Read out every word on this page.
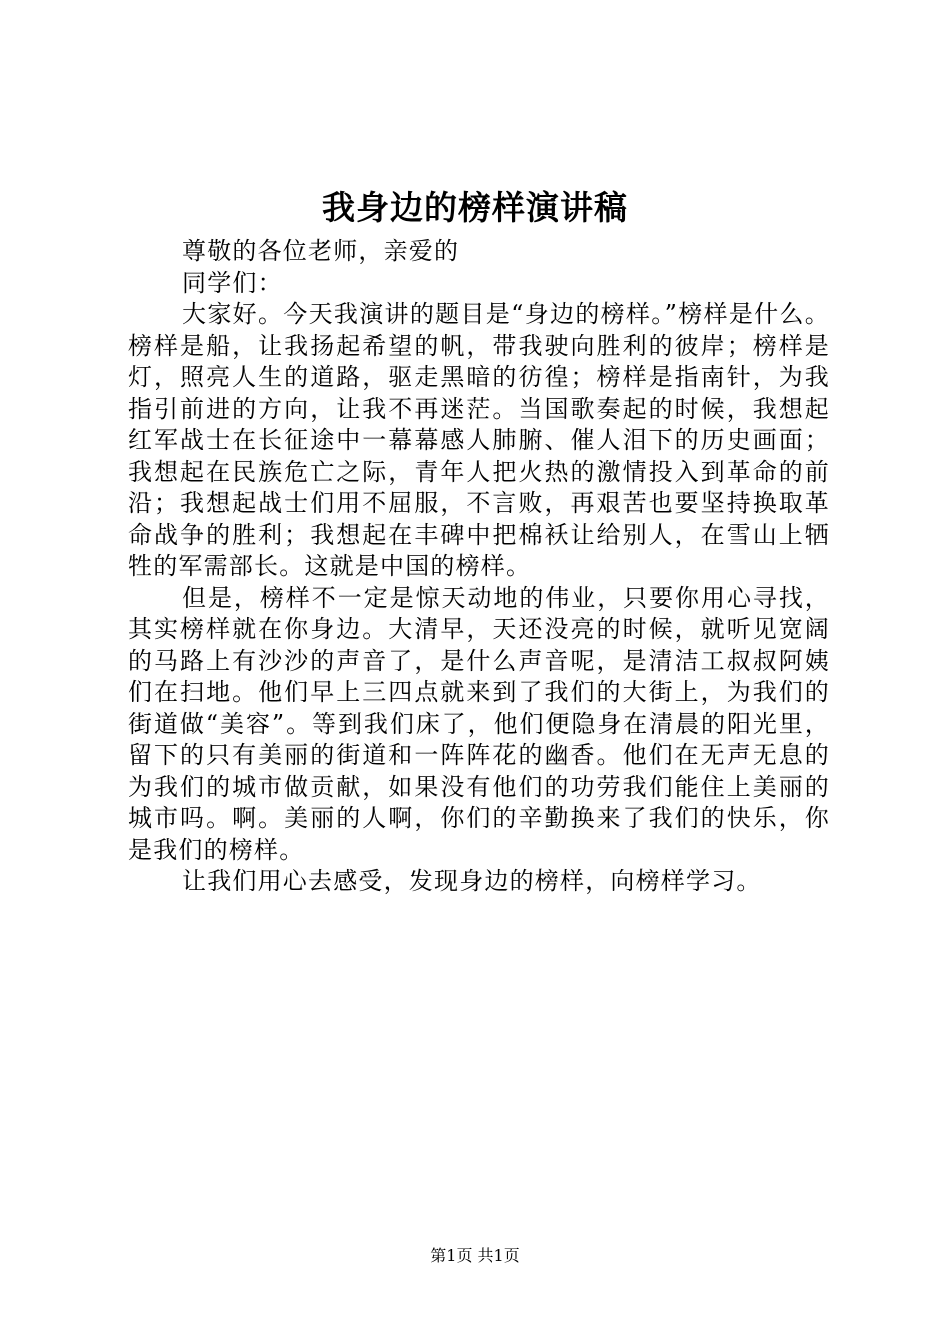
我身边的榜样演讲稿
尊敬的各位老师，亲爱的
同学们：
大家好。今天我演讲的题目是“身边的榜样。”榜样是什么。榜样是船，让我扬起希望的帆，带我驶向胜利的彼岸；榜样是灯，照亮人生的道路，驱走黑暗的彷徨；榜样是指南针，为我指引前进的方向，让我不再迷茫。当国歌奏起的时候，我想起红军战士在长征途中一幕幕感人肺腑、催人泪下的历史画面；我想起在民族危亡之际，青年人把火热的激情投入到革命的前沿；我想起战士们用不屈服，不言败，再艰苦也要坚持换取革命战争的胜利；我想起在丰碑中把棉袄让给别人，在雪山上牺牲的军需部长。这就是中国的榜样。
但是，榜样不一定是惊天动地的伟业，只要你用心寻找，其实榜样就在你身边。大清早，天还没亮的时候，就听见宽阔的马路上有沙沙的声音了，是什么声音呢，是清洁工叔叔阿姨们在扫地。他们早上三四点就来到了我们的大街上，为我们的街道做“美容”。等到我们床了，他们便隐身在清晨的阳光里，留下的只有美丽的街道和一阵阵花的幽香。他们在无声无息的为我们的城市做贡献，如果没有他们的功劳我们能住上美丽的城市吗。啊。美丽的人啊，你们的辛勤换来了我们的快乐，你是我们的榜样。
让我们用心去感受，发现身边的榜样，向榜样学习。
第1页 共1页
